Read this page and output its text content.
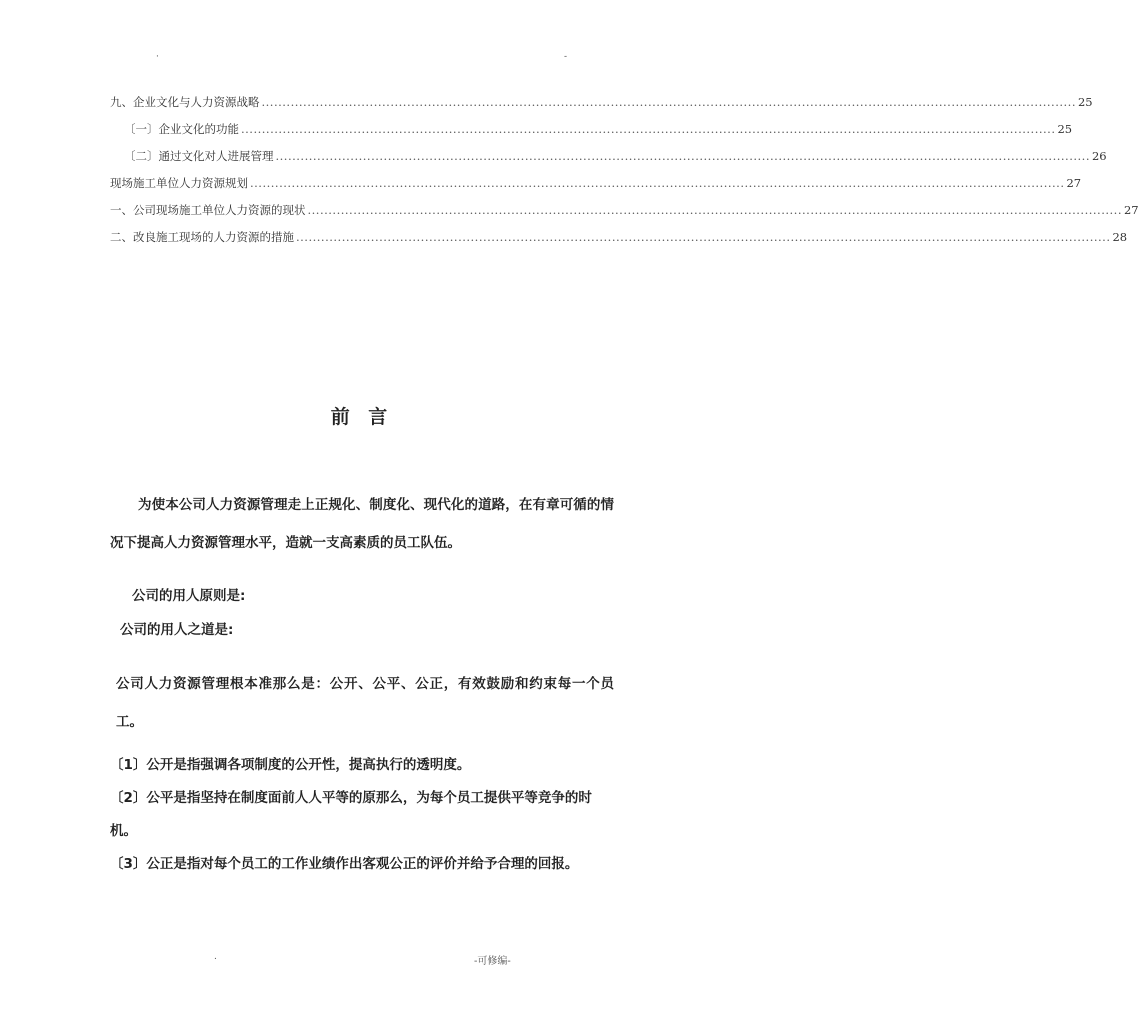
·	-
九、企业文化与人力资源战略 .................................................................................................................................................................................................... 25
〔一〕企业文化的功能 .................................................................................................................................................................................................... 25
〔二〕通过文化对人进展管理 .................................................................................................................................................................................................... 26
现场施工单位人力资源规划 .................................................................................................................................................................................................... 27
一、公司现场施工单位人力资源的现状 .................................................................................................................................................................................................... 27
二、改良施工现场的人力资源的措施 .................................................................................................................................................................................................... 28
前 言

为使本公司人力资源管理走上正规化、制度化、现代化的道路，在有章可循的情况下提高人力资源管理水平，造就一支高素质的员工队伍。

公司的用人原则是:

公司的用人之道是:

公司人力资源管理根本准那么是：公开、公平、公正，有效鼓励和约束每一个员工。

〔1〕公开是指强调各项制度的公开性，提高执行的透明度。

〔2〕公平是指坚持在制度面前人人平等的原那么，为每个员工提供平等竞争的时机。

〔3〕公正是指对每个员工的工作业绩作出客观公正的评价并给予合理的回报。

.	-可修编-
